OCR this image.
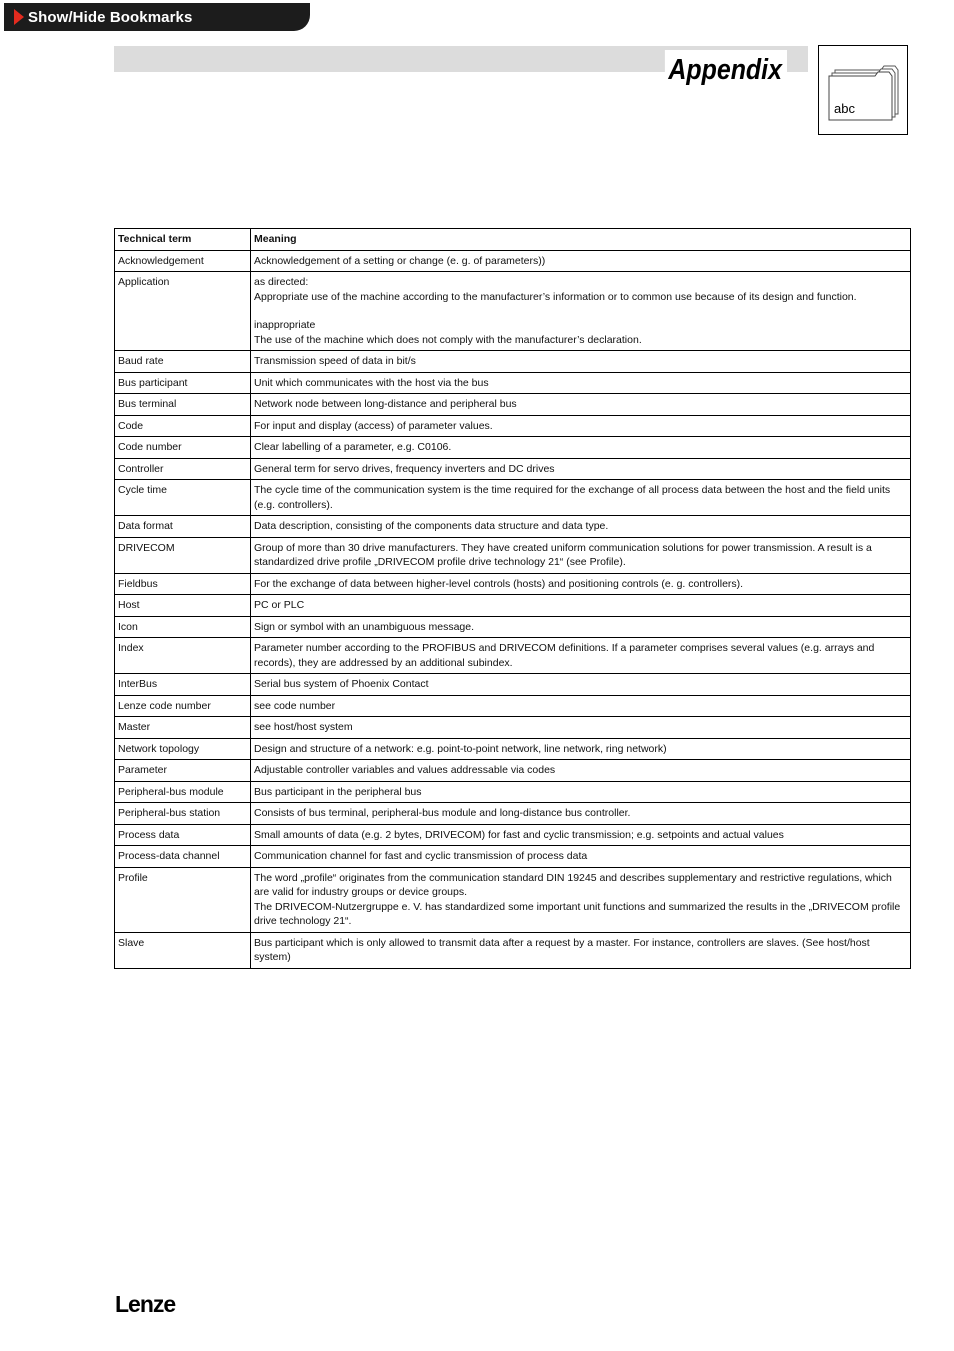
Show/Hide Bookmarks
Appendix
abc
Technical term	Meaning
Acknowledgement	Acknowledgement of a setting or change (e. g. of parameters))

Application	as directed:
Appropriate use of the machine according to the manufacturer’s information or to common use because of its design and function.
inappropriate
The use of the machine which does not comply with the manufacturer’s declaration.

Baud rate	Transmission speed of data in bit/s

Bus participant	Unit which communicates with the host via the bus

Bus terminal	Network node between long-distance and peripheral bus

Code	For input and display (access) of parameter values.

Code number	Clear labelling of a parameter, e.g. C0106.

Controller	General term for servo drives, frequency inverters and DC drives

Cycle time	The cycle time of the communication system is the time required for the exchange of all process data between the host and the field units (e.g. controllers).

Data format	Data description, consisting of the components data structure and data type.

DRIVECOM	Group of more than 30 drive manufacturers. They have created uniform communication solutions for power transmission. A result is a standardized drive profile „DRIVECOM profile drive technology 21“ (see Profile).

Fieldbus	For the exchange of data between higher-level controls (hosts) and positioning controls (e. g. controllers).

Host	PC or PLC

Icon	Sign or symbol with an unambiguous message.

Index	Parameter number according to the PROFIBUS and DRIVECOM definitions. If a parameter comprises several values (e.g. arrays and records), they are addressed by an additional subindex.

InterBus	Serial bus system of Phoenix Contact

Lenze code number	see code number

Master	see host/host system

Network topology	Design and structure of a network: e.g. point-to-point network, line network, ring network)

Parameter	Adjustable controller variables and values addressable via codes

Peripheral-bus module	Bus participant in the peripheral bus

Peripheral-bus station	Consists of bus terminal, peripheral-bus module and long-distance bus controller.

Process data	Small amounts of data (e.g. 2 bytes, DRIVECOM) for fast and cyclic transmission; e.g. setpoints and actual values

Process-data channel	Communication channel for fast and cyclic transmission of process data

Profile	The word „profile“ originates from the communication standard DIN 19245 and describes supplementary and restrictive regulations, which are valid for industry groups or device groups.
The DRIVECOM-Nutzergruppe e. V. has standardized some important unit functions and summarized the results in the „DRIVECOM profile drive technology 21“.

Slave	Bus participant which is only allowed to transmit data after a request by a master. For instance, controllers are slaves. (See host/host system)
Lenze
